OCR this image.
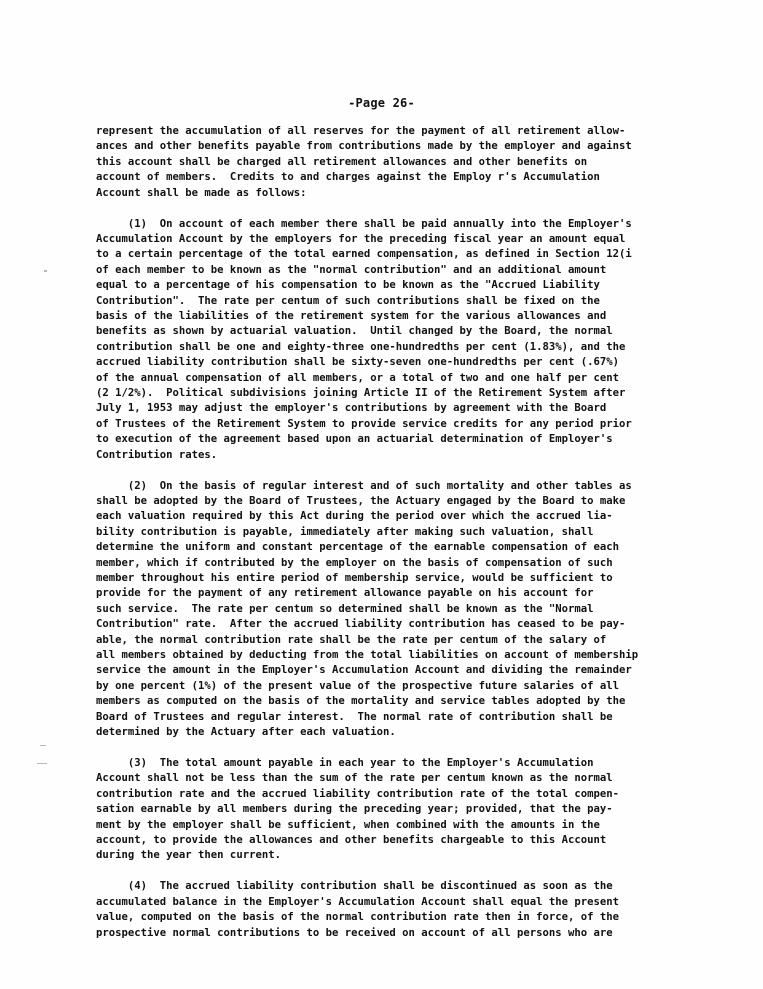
-Page 26-
represent the accumulation of all reserves for the payment of all retirement allow-
ances and other benefits payable from contributions made by the employer and against
this account shall be charged all retirement allowances and other benefits on
account of members.  Credits to and charges against the Employ r's Accumulation
Account shall be made as follows:
(1)  On account of each member there shall be paid annually into the Employer's
Accumulation Account by the employers for the preceding fiscal year an amount equal
to a certain percentage of the total earned compensation, as defined in Section 12(i
of each member to be known as the "normal contribution" and an additional amount
equal to a percentage of his compensation to be known as the "Accrued Liability
Contribution".  The rate per centum of such contributions shall be fixed on the
basis of the liabilities of the retirement system for the various allowances and
benefits as shown by actuarial valuation.  Until changed by the Board, the normal
contribution shall be one and eighty-three one-hundredths per cent (1.83%), and the
accrued liability contribution shall be sixty-seven one-hundredths per cent (.67%)
of the annual compensation of all members, or a total of two and one half per cent
(2 1/2%).  Political subdivisions joining Article II of the Retirement System after
July 1, 1953 may adjust the employer's contributions by agreement with the Board
of Trustees of the Retirement System to provide service credits for any period prior
to execution of the agreement based upon an actuarial determination of Employer's
Contribution rates.
(2)  On the basis of regular interest and of such mortality and other tables as
shall be adopted by the Board of Trustees, the Actuary engaged by the Board to make
each valuation required by this Act during the period over which the accrued lia-
bility contribution is payable, immediately after making such valuation, shall
determine the uniform and constant percentage of the earnable compensation of each
member, which if contributed by the employer on the basis of compensation of such
member throughout his entire period of membership service, would be sufficient to
provide for the payment of any retirement allowance payable on his account for
such service.  The rate per centum so determined shall be known as the "Normal
Contribution" rate.  After the accrued liability contribution has ceased to be pay-
able, the normal contribution rate shall be the rate per centum of the salary of
all members obtained by deducting from the total liabilities on account of membership
service the amount in the Employer's Accumulation Account and dividing the remainder
by one percent (1%) of the present value of the prospective future salaries of all
members as computed on the basis of the mortality and service tables adopted by the
Board of Trustees and regular interest.  The normal rate of contribution shall be
determined by the Actuary after each valuation.
(3)  The total amount payable in each year to the Employer's Accumulation
Account shall not be less than the sum of the rate per centum known as the normal
contribution rate and the accrued liability contribution rate of the total compen-
sation earnable by all members during the preceding year; provided, that the pay-
ment by the employer shall be sufficient, when combined with the amounts in the
account, to provide the allowances and other benefits chargeable to this Account
during the year then current.
(4)  The accrued liability contribution shall be discontinued as soon as the
accumulated balance in the Employer's Accumulation Account shall equal the present
value, computed on the basis of the normal contribution rate then in force, of the
prospective normal contributions to be received on account of all persons who are
